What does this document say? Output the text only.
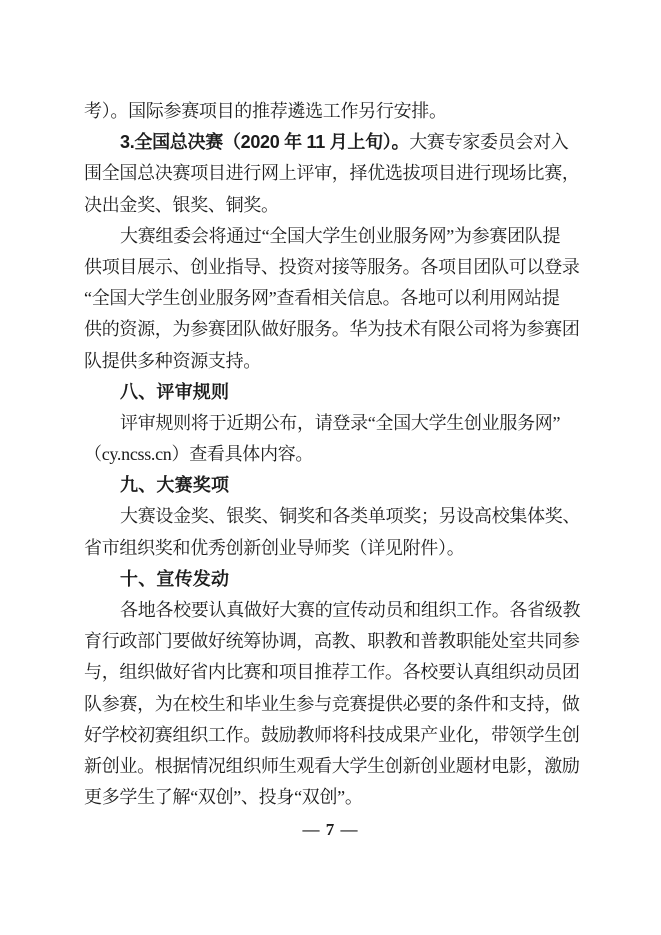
考）。国际参赛项目的推荐遴选工作另行安排。
3.全国总决赛（2020 年 11 月上旬）。大赛专家委员会对入
围全国总决赛项目进行网上评审，择优选拔项目进行现场比赛，
决出金奖、银奖、铜奖。
大赛组委会将通过“全国大学生创业服务网”为参赛团队提
供项目展示、创业指导、投资对接等服务。各项目团队可以登录
“全国大学生创业服务网”查看相关信息。各地可以利用网站提
供的资源，为参赛团队做好服务。华为技术有限公司将为参赛团
队提供多种资源支持。
八、评审规则
评审规则将于近期公布，请登录“全国大学生创业服务网”
（cy.ncss.cn）查看具体内容。
九、大赛奖项
大赛设金奖、银奖、铜奖和各类单项奖；另设高校集体奖、
省市组织奖和优秀创新创业导师奖（详见附件）。
十、宣传发动
各地各校要认真做好大赛的宣传动员和组织工作。各省级教
育行政部门要做好统筹协调，高教、职教和普教职能处室共同参
与，组织做好省内比赛和项目推荐工作。各校要认真组织动员团
队参赛，为在校生和毕业生参与竞赛提供必要的条件和支持，做
好学校初赛组织工作。鼓励教师将科技成果产业化，带领学生创
新创业。根据情况组织师生观看大学生创新创业题材电影，激励
更多学生了解“双创”、投身“双创”。
— 7 —
